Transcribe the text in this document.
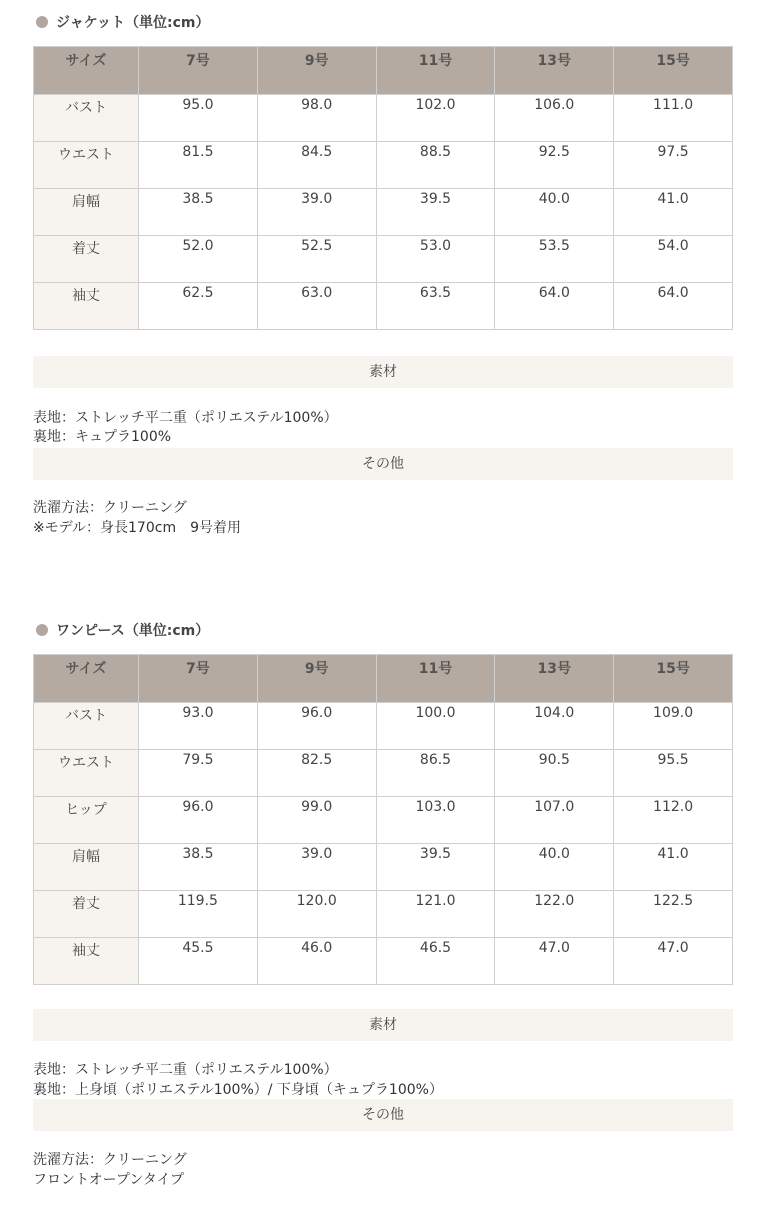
ジャケット（単位:cm）
サイズ	7号	9号	11号	13号	15号
バスト	95.0	98.0	102.0	106.0	111.0
ウエスト	81.5	84.5	88.5	92.5	97.5
肩幅	38.5	39.0	39.5	40.0	41.0
着丈	52.0	52.5	53.0	53.5	54.0
袖丈	62.5	63.0	63.5	64.0	64.0
素材
表地：ストレッチ平二重（ポリエステル100%）
裏地：キュプラ100%
その他
洗濯方法：クリーニング
※モデル：身長170cm　9号着用
ワンピース（単位:cm）
サイズ	7号	9号	11号	13号	15号
バスト	93.0	96.0	100.0	104.0	109.0
ウエスト	79.5	82.5	86.5	90.5	95.5
ヒップ	96.0	99.0	103.0	107.0	112.0
肩幅	38.5	39.0	39.5	40.0	41.0
着丈	119.5	120.0	121.0	122.0	122.5
袖丈	45.5	46.0	46.5	47.0	47.0
素材
表地：ストレッチ平二重（ポリエステル100%）
裏地：上身頃（ポリエステル100%）/ 下身頃（キュプラ100%）
その他
洗濯方法：クリーニング
フロントオープンタイプ
